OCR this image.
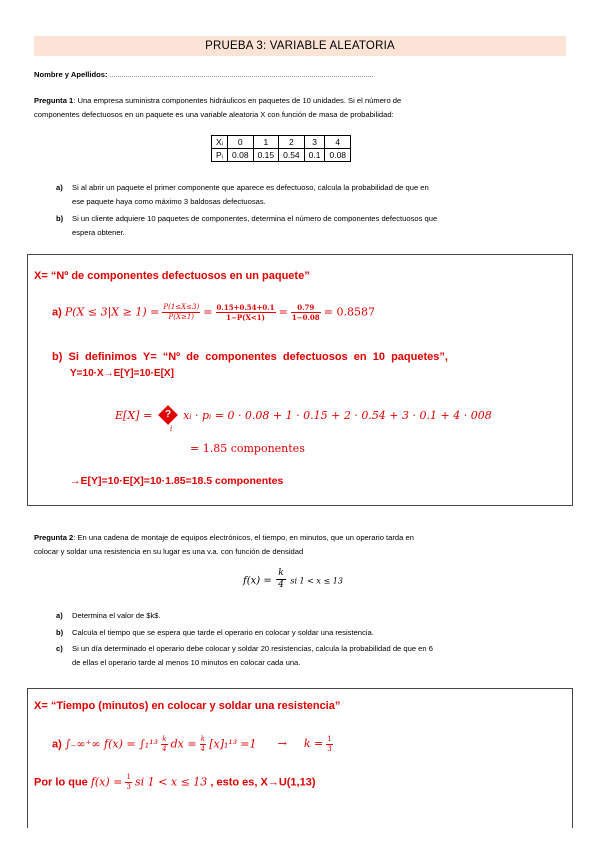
PRUEBA 3: VARIABLE ALEATORIA
Nombre y Apellidos: ……………………………………………………………………………………………………………………
Pregunta 1: Una empresa suministra componentes hidráulicos en paquetes de 10 unidades. Si el número de
componentes defectuosos en un paquete es una variable aleatoria X con función de masa de probabilidad:
Xᵢ	0	1	2	3	4
Pᵢ	0.08	0.15	0.54	0.1	0.08
a)	Si al abrir un paquete el primer componente que aparece es defectuoso, calcula la probabilidad de que en
ese paquete haya como máximo 3 baldosas defectuosas.
b)	Si un cliente adquiere 10 paquetes de componentes, determina el número de componentes defectuosos que
espera obtener.
X= “Nº de componentes defectuosos en un paquete”
a) $P(X \le 3|X \ge 1) = \frac{P(1\le X\le 3)}{P(X\ge 1)} = \frac{0.15+0.54+0.1}{1-P(X<1)} = \frac{0.79}{1-0.08} = 0.8587$
b)  Si  definimos  Y=  “Nº  de  componentes  defectuosos  en  10  paquetes”,
Y=10·X→E[Y]=10·E[X]
E[X] =	?	xᵢ · pᵢ = 0 · 0.08 + 1 · 0.15 + 2 · 0.54 + 3 · 0.1 + 4 · 008
i
= 1.85 componentes
→E[Y]=10·E[X]=10·1.85=18.5 componentes
Pregunta 2: En una cadena de montaje de equipos electrónicos, el tiempo, en minutos, que un operario tarda en
colocar y soldar una resistencia en su lugar es una v.a. con función de densidad
$f(x) = \frac{k}{4}$ si 1 < x ≤ 13
a)	Determina el valor de $k$.
b)	Calcula el tiempo que se espera que tarde el operario en colocar y soldar una resistencia.
c)	Si un día determinado el operario debe colocar y soldar 20 resistencias, calcula la probabilidad de que en 6
de ellas el operario tarde al menos 10 minutos en colocar cada una.
X= “Tiempo (minutos) en colocar y soldar una resistencia”
a) ∫₋∞⁺∞ $f(x) = \int_1^{13} \frac{k}{4}$ dx = $\frac{k}{4} [x]_1^{13} =1 \to k = \frac{1}{3}$
Por lo que $f(x) = \frac{1}{3}$ si 1 < x ≤ 13 , esto es, X→U(1,13)
